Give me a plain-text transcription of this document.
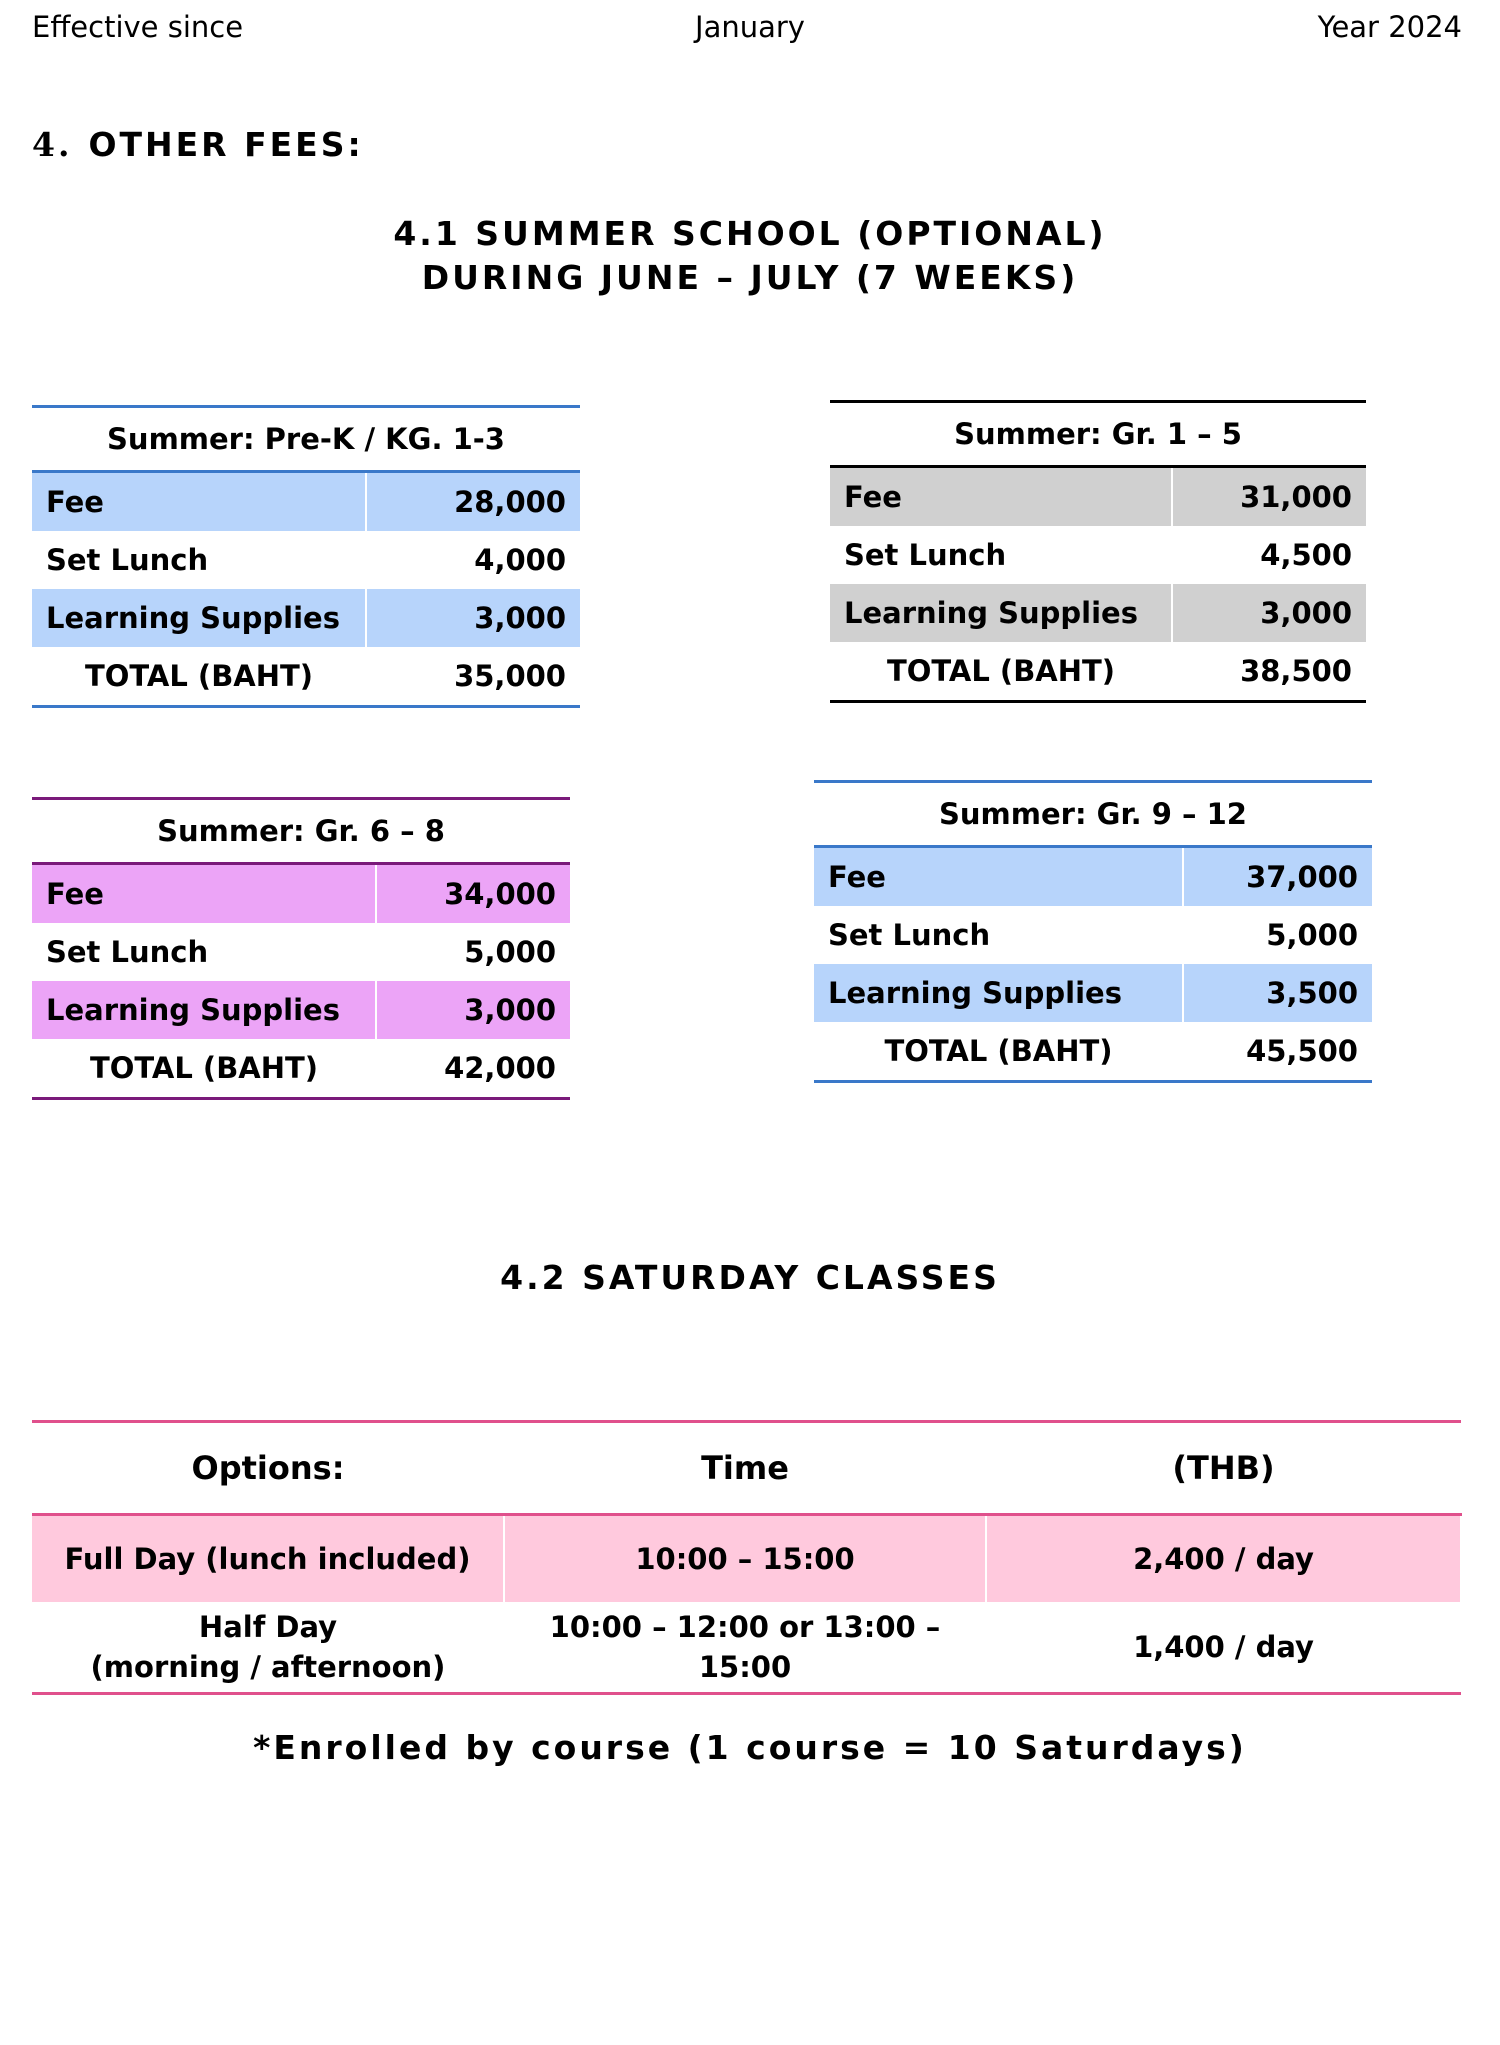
Effective since	January	Year 2024
4. OTHER FEES:
4.1 SUMMER SCHOOL (OPTIONAL)
DURING JUNE – JULY (7 WEEKS)
Summer: Pre-K / KG. 1-3	
Fee	28,000
Set Lunch	4,000
Learning Supplies	3,000
TOTAL (BAHT)	35,000
Summer: Gr. 1 – 5	
Fee	31,000
Set Lunch	4,500
Learning Supplies	3,000
TOTAL (BAHT)	38,500
Summer: Gr. 6 – 8	
Fee	34,000
Set Lunch	5,000
Learning Supplies	3,000
TOTAL (BAHT)	42,000
Summer: Gr. 9 – 12	
Fee	37,000
Set Lunch	5,000
Learning Supplies	3,500
TOTAL (BAHT)	45,500
4.2 SATURDAY CLASSES
Options:	Time	(THB)
Full Day (lunch included)	10:00 – 15:00	2,400 / day

Half Day
(morning / afternoon)	10:00 – 12:00 or 13:00 – 15:00	1,400 / day
*Enrolled by course (1 course = 10 Saturdays)
